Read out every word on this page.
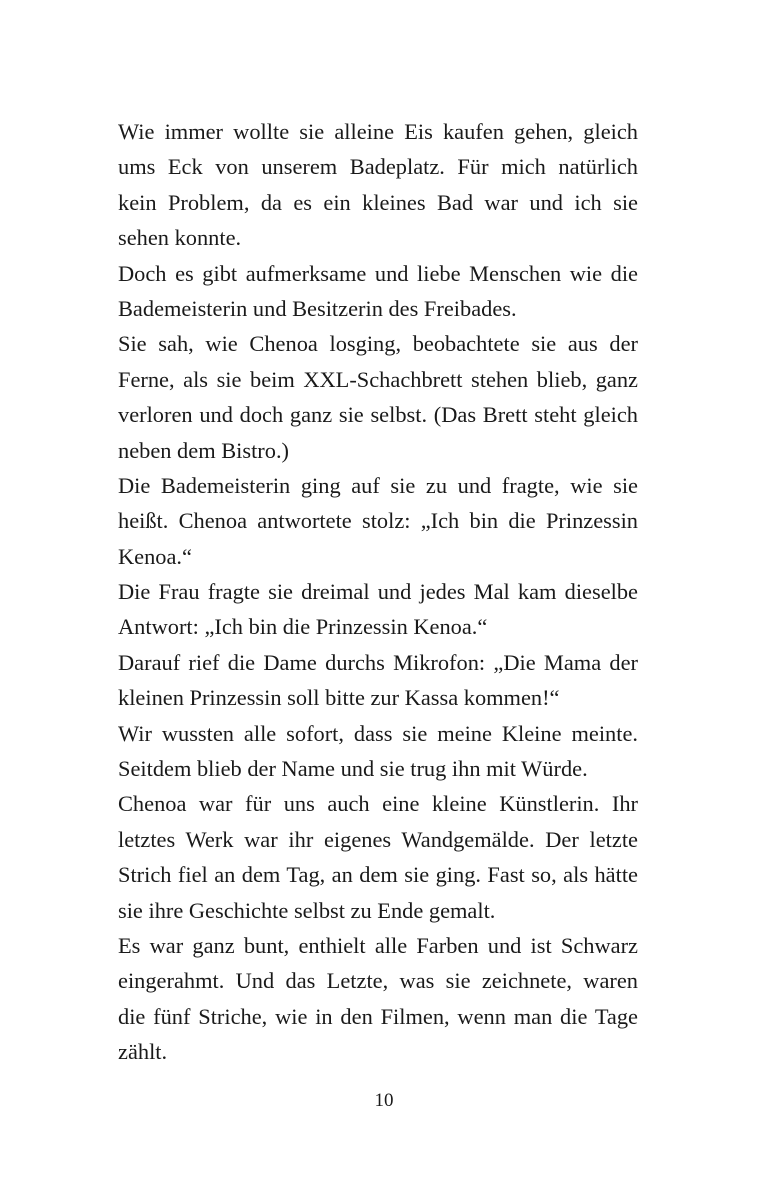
Wie immer wollte sie alleine Eis kaufen gehen, gleich
ums Eck von unserem Badeplatz. Für mich natürlich
kein Problem, da es ein kleines Bad war und ich sie
sehen konnte.
Doch es gibt aufmerksame und liebe Menschen wie die
Bademeisterin und Besitzerin des Freibades.
Sie sah, wie Chenoa losging, beobachtete sie aus der
Ferne, als sie beim XXL-Schachbrett stehen blieb, ganz
verloren und doch ganz sie selbst. (Das Brett steht gleich
neben dem Bistro.)
Die Bademeisterin ging auf sie zu und fragte, wie sie
heißt. Chenoa antwortete stolz: „Ich bin die Prinzessin
Kenoa.“
Die Frau fragte sie dreimal und jedes Mal kam dieselbe
Antwort: „Ich bin die Prinzessin Kenoa.“
Darauf rief die Dame durchs Mikrofon: „Die Mama der
kleinen Prinzessin soll bitte zur Kassa kommen!“
Wir wussten alle sofort, dass sie meine Kleine meinte.
Seitdem blieb der Name und sie trug ihn mit Würde.
Chenoa war für uns auch eine kleine Künstlerin. Ihr
letztes Werk war ihr eigenes Wandgemälde. Der letzte
Strich fiel an dem Tag, an dem sie ging. Fast so, als hätte
sie ihre Geschichte selbst zu Ende gemalt.
Es war ganz bunt, enthielt alle Farben und ist Schwarz
eingerahmt. Und das Letzte, was sie zeichnete, waren
die fünf Striche, wie in den Filmen, wenn man die Tage
zählt.
10
